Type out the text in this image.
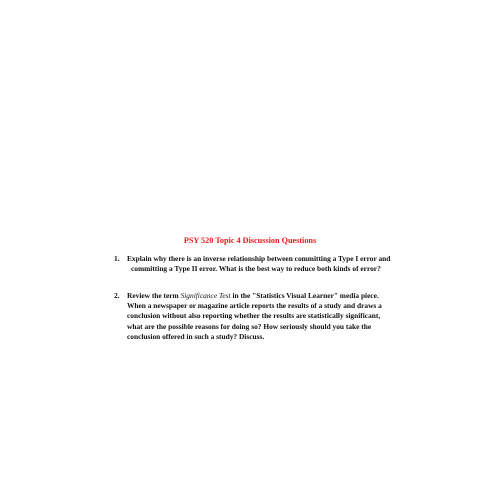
PSY 520 Topic 4 Discussion Questions
1.	Explain why there is an inverse relationship between committing a Type I error and
committing a Type II error. What is the best way to reduce both kinds of error?
2.	Review the term Significance Test in the "Statistics Visual Learner" media piece. When a newspaper or magazine article reports the results of a study and draws a conclusion without also reporting whether the results are statistically significant, what are the possible reasons for doing so? How seriously should you take the conclusion offered in such a study? Discuss.
